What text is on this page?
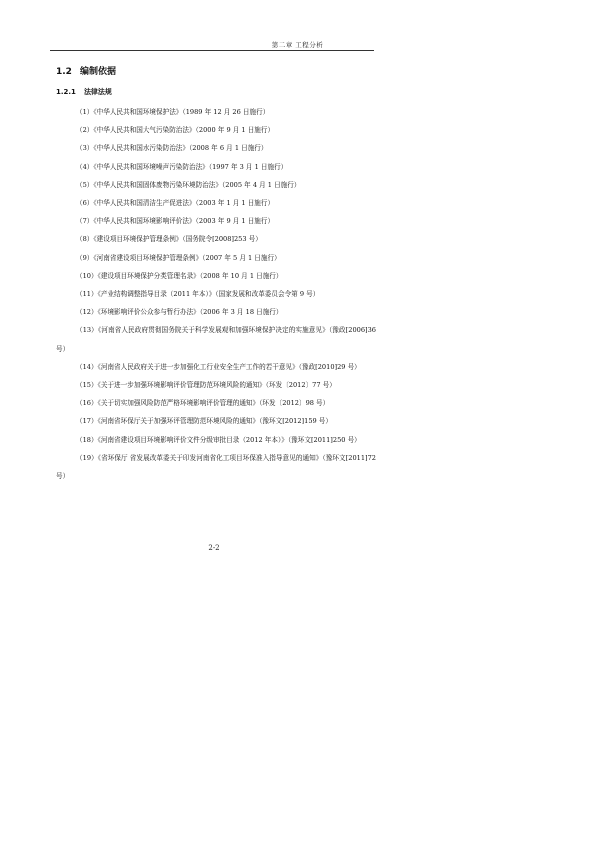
第二章 工程分析
1.2 编制依据
1.2.1 法律法规
（1）《中华人民共和国环境保护法》（1989 年 12 月 26 日施行）
（2）《中华人民共和国大气污染防治法》（2000 年 9 月 1 日施行）
（3）《中华人民共和国水污染防治法》（2008 年 6 月 1 日施行）
（4）《中华人民共和国环境噪声污染防治法》（1997 年 3 月 1 日施行）
（5）《中华人民共和国固体废物污染环境防治法》（2005 年 4 月 1 日施行）
（6）《中华人民共和国清洁生产促进法》（2003 年 1 月 1 日施行）
（7）《中华人民共和国环境影响评价法》（2003 年 9 月 1 日施行）
（8）《建设项目环境保护管理条例》（国务院令[2008]253 号）
（9）《河南省建设项目环境保护管理条例》（2007 年 5 月 1 日施行）
（10）《建设项目环境保护分类管理名录》（2008 年 10 月 1 日施行）
（11）《产业结构调整指导目录（2011 年本）》（国家发展和改革委员会令第 9 号）
（12）《环境影响评价公众参与暂行办法》（2006 年 3 月 18 日施行）
（13）《河南省人民政府贯彻国务院关于科学发展观和加强环境保护决定的实施意见》（豫政[2006]36 号）
（14）《河南省人民政府关于进一步加强化工行业安全生产工作的若干意见》（豫政[2010]29 号）
（15）《关于进一步加强环境影响评价管理防范环境风险的通知》（环发〔2012〕77 号）
（16）《关于切实加强风险防范严格环境影响评价管理的通知》（环发〔2012〕98 号）
（17）《河南省环保厅关于加强环评管理防范环境风险的通知》（豫环文[2012]159 号）
（18）《河南省建设项目环境影响评价文件分级审批目录（2012 年本）》（豫环文[2011]250 号）
（19）《省环保厅 省发展改革委关于印发河南省化工项目环保准入指导意见的通知》（豫环文[2011]72 号）
2-2
